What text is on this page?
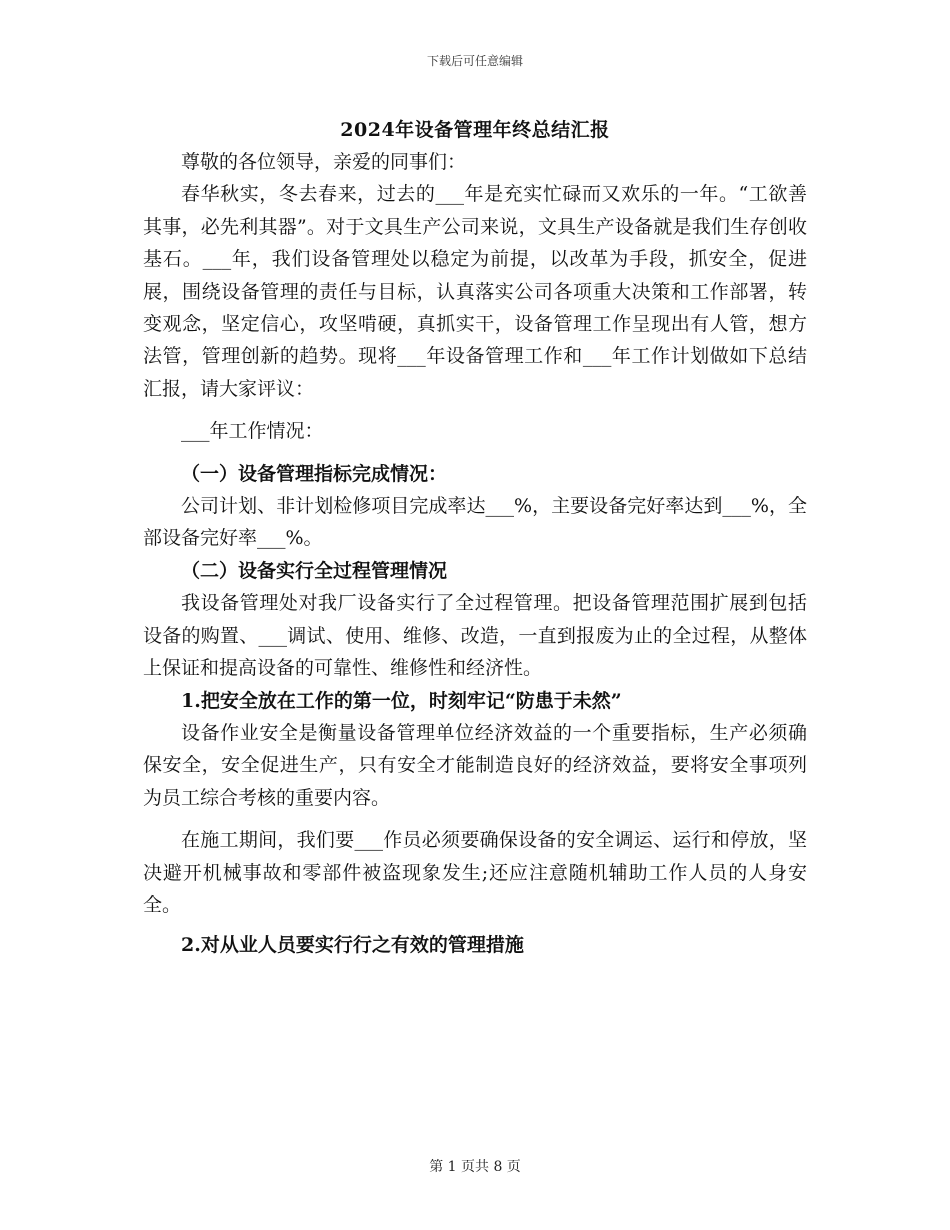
下载后可任意编辑
2024年设备管理年终总结汇报

尊敬的各位领导，亲爱的同事们：

春华秋实，冬去春来，过去的___年是充实忙碌而又欢乐的一年。“工欲善其事，必先利其器”。对于文具生产公司来说，文具生产设备就是我们生存创收基石。___年，我们设备管理处以稳定为前提，以改革为手段，抓安全，促进展，围绕设备管理的责任与目标，认真落实公司各项重大决策和工作部署，转变观念，坚定信心，攻坚啃硬，真抓实干，设备管理工作呈现出有人管，想方法管，管理创新的趋势。现将___年设备管理工作和___年工作计划做如下总结汇报，请大家评议：

___年工作情况：

（一）设备管理指标完成情况：

公司计划、非计划检修项目完成率达___%，主要设备完好率达到___%，全部设备完好率___%。

（二）设备实行全过程管理情况

我设备管理处对我厂设备实行了全过程管理。把设备管理范围扩展到包括设备的购置、___调试、使用、维修、改造，一直到报废为止的全过程，从整体上保证和提高设备的可靠性、维修性和经济性。

1.把安全放在工作的第一位，时刻牢记“防患于未然”

设备作业安全是衡量设备管理单位经济效益的一个重要指标，生产必须确保安全，安全促进生产，只有安全才能制造良好的经济效益，要将安全事项列为员工综合考核的重要内容。

在施工期间，我们要___作员必须要确保设备的安全调运、运行和停放，坚决避开机械事故和零部件被盗现象发生;还应注意随机辅助工作人员的人身安全。

2.对从业人员要实行行之有效的管理措施

第 1 页共 8 页
